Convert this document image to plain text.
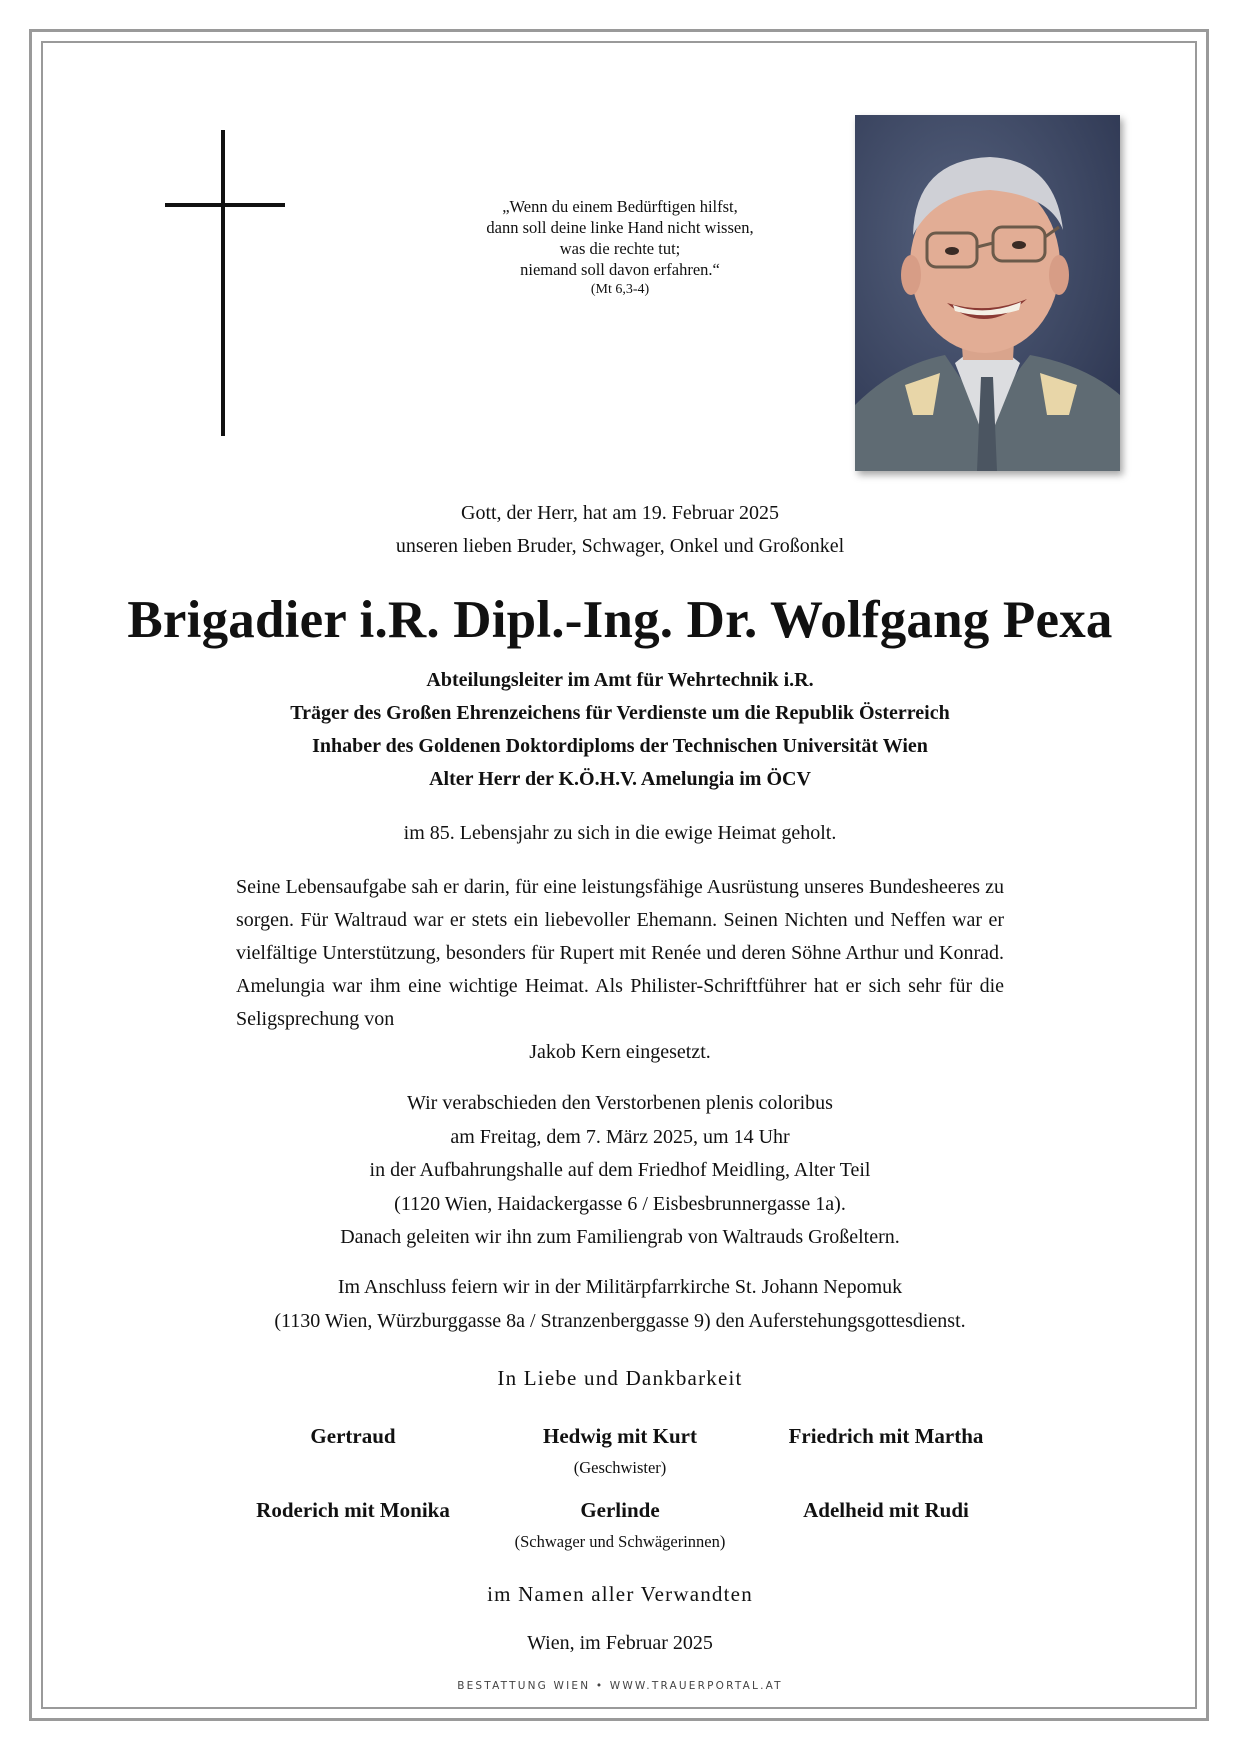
„Wenn du einem Bedürftigen hilfst,
dann soll deine linke Hand nicht wissen,
was die rechte tut;
niemand soll davon erfahren.“
(Mt 6,3-4)
Gott, der Herr, hat am 19. Februar 2025
unseren lieben Bruder, Schwager, Onkel und Großonkel
Brigadier i.R. Dipl.-Ing. Dr. Wolfgang Pexa
Abteilungsleiter im Amt für Wehrtechnik i.R.
Träger des Großen Ehrenzeichens für Verdienste um die Republik Österreich
Inhaber des Goldenen Doktordiploms der Technischen Universität Wien
Alter Herr der K.Ö.H.V. Amelungia im ÖCV
im 85. Lebensjahr zu sich in die ewige Heimat geholt.
Seine Lebensaufgabe sah er darin, für eine leistungsfähige Ausrüstung unseres Bundesheeres zu sorgen. Für Waltraud war er stets ein liebevoller Ehemann. Seinen Nichten und Neffen war er vielfältige Unterstützung, besonders für Rupert mit Renée und deren Söhne Arthur und Konrad. Amelungia war ihm eine wichtige Heimat. Als Philister-Schriftführer hat er sich sehr für die Seligsprechung von
Jakob Kern eingesetzt.
Wir verabschieden den Verstorbenen plenis coloribus
am Freitag, dem 7. März 2025, um 14 Uhr
in der Aufbahrungshalle auf dem Friedhof Meidling, Alter Teil
(1120 Wien, Haidackergasse 6 / Eisbesbrunnergasse 1a).
Danach geleiten wir ihn zum Familiengrab von Waltrauds Großeltern.
Im Anschluss feiern wir in der Militärpfarrkirche St. Johann Nepomuk
(1130 Wien, Würzburggasse 8a / Stranzenberggasse 9) den Auferstehungsgottesdienst.
In Liebe und Dankbarkeit
Gertraud	Hedwig mit Kurt	Friedrich mit Martha
(Geschwister)
Roderich mit Monika	Gerlinde	Adelheid mit Rudi
(Schwager und Schwägerinnen)
im Namen aller Verwandten
Wien, im Februar 2025
BESTATTUNG WIEN • WWW.TRAUERPORTAL.AT
